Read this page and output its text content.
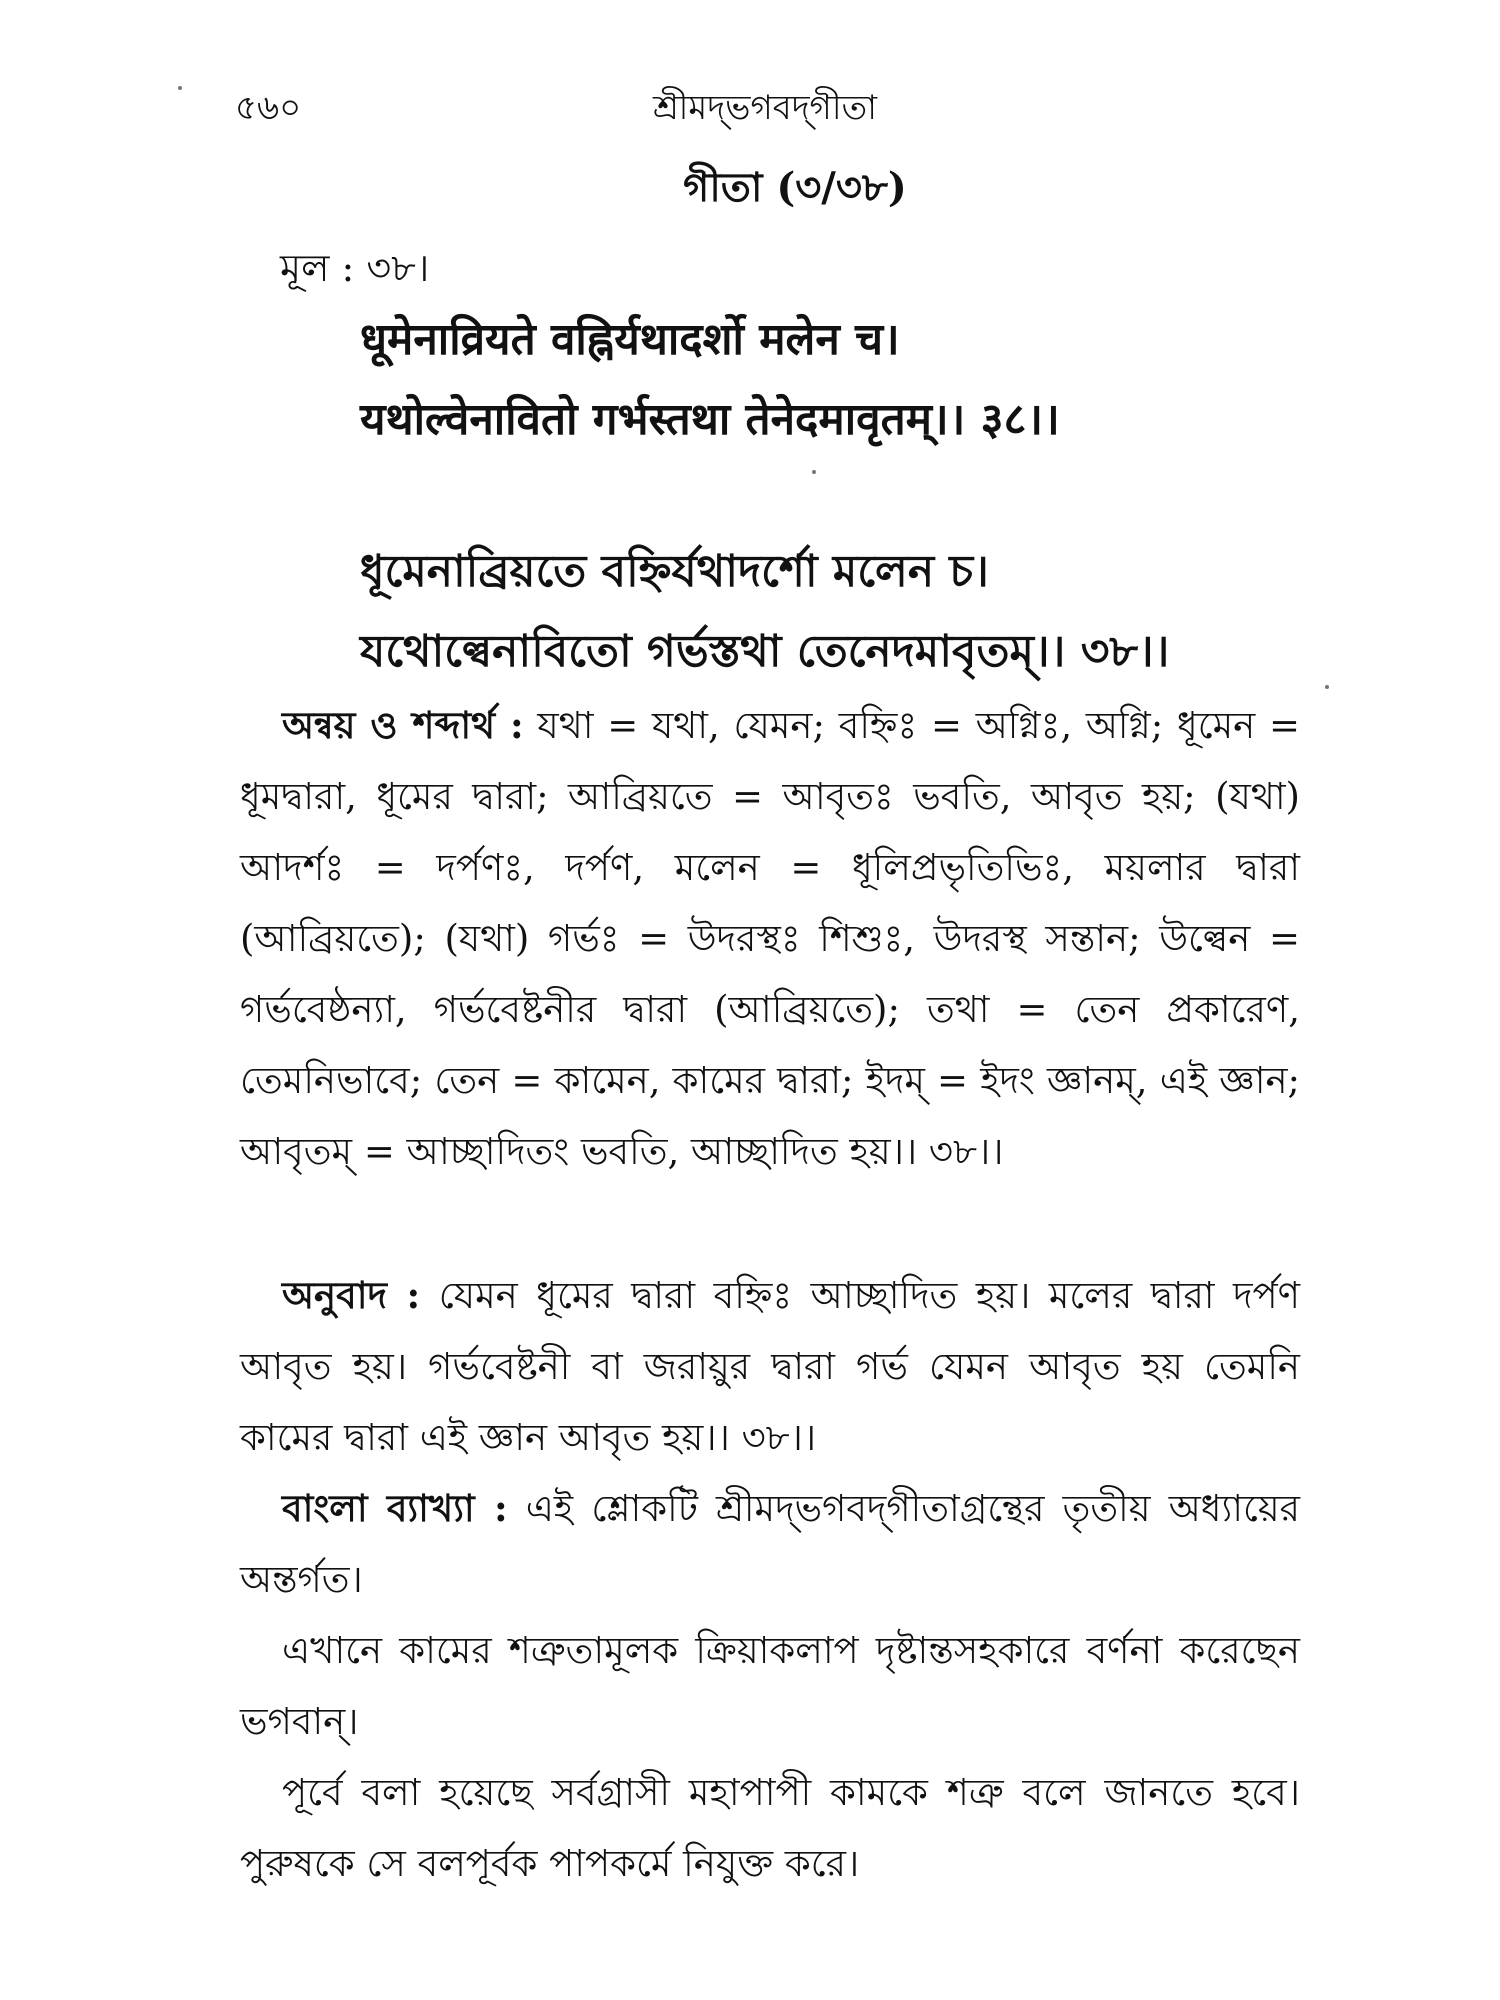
৫৬০	শ্রীমদ্‌ভগবদ্‌গীতা
গীতা (৩/৩৮)
মূল : ৩৮।
धूमेनाव्रियते वह्निर्यथादर्शो मलेन च।
यथोल्वेनावितो गर्भस्तथा तेनेदमावृतम्।। ३८।।
ধূমেনাব্রিয়তে বহ্নির্যথাদর্শো মলেন চ।
যথোল্বেনাবিতো গর্ভস্তথা তেনেদমাবৃতম্।। ৩৮।।

অন্বয় ও শব্দার্থ : যথা = যথা, যেমন; বহ্নিঃ = অগ্নিঃ, অগ্নি; ধূমেন = ধূমদ্বারা, ধূমের দ্বারা; আব্রিয়তে = আবৃতঃ ভবতি, আবৃত হয়; (যথা) আদর্শঃ = দর্পণঃ, দর্পণ, মলেন = ধূলিপ্রভৃতিভিঃ, ময়লার দ্বারা (আব্রিয়তে); (যথা) গর্ভঃ = উদরস্থঃ শিশুঃ, উদরস্থ সন্তান; উল্বেন = গর্ভবেষ্ঠন্যা, গর্ভবেষ্টনীর দ্বারা (আব্রিয়তে); তথা = তেন প্রকারেণ, তেমনিভাবে; তেন = কামেন, কামের দ্বারা; ইদম্ = ইদং জ্ঞানম্, এই জ্ঞান; আবৃতম্ = আচ্ছাদিতং ভবতি, আচ্ছাদিত হয়।। ৩৮।।

অনুবাদ : যেমন ধূমের দ্বারা বহ্নিঃ আচ্ছাদিত হয়। মলের দ্বারা দর্পণ আবৃত হয়। গর্ভবেষ্টনী বা জরায়ুর দ্বারা গর্ভ যেমন আবৃত হয় তেমনি কামের দ্বারা এই জ্ঞান আবৃত হয়।। ৩৮।।

বাংলা ব্যাখ্যা : এই শ্লোকটি শ্রীমদ্‌ভগবদ্‌গীতাগ্রন্থের তৃতীয় অধ্যায়ের অন্তর্গত।

এখানে কামের শত্রুতামূলক ক্রিয়াকলাপ দৃষ্টান্তসহকারে বর্ণনা করেছেন ভগবান্।

পূর্বে বলা হয়েছে সর্বগ্রাসী মহাপাপী কামকে শত্রু বলে জানতে হবে। পুরুষকে সে বলপূর্বক পাপকর্মে নিযুক্ত করে।
